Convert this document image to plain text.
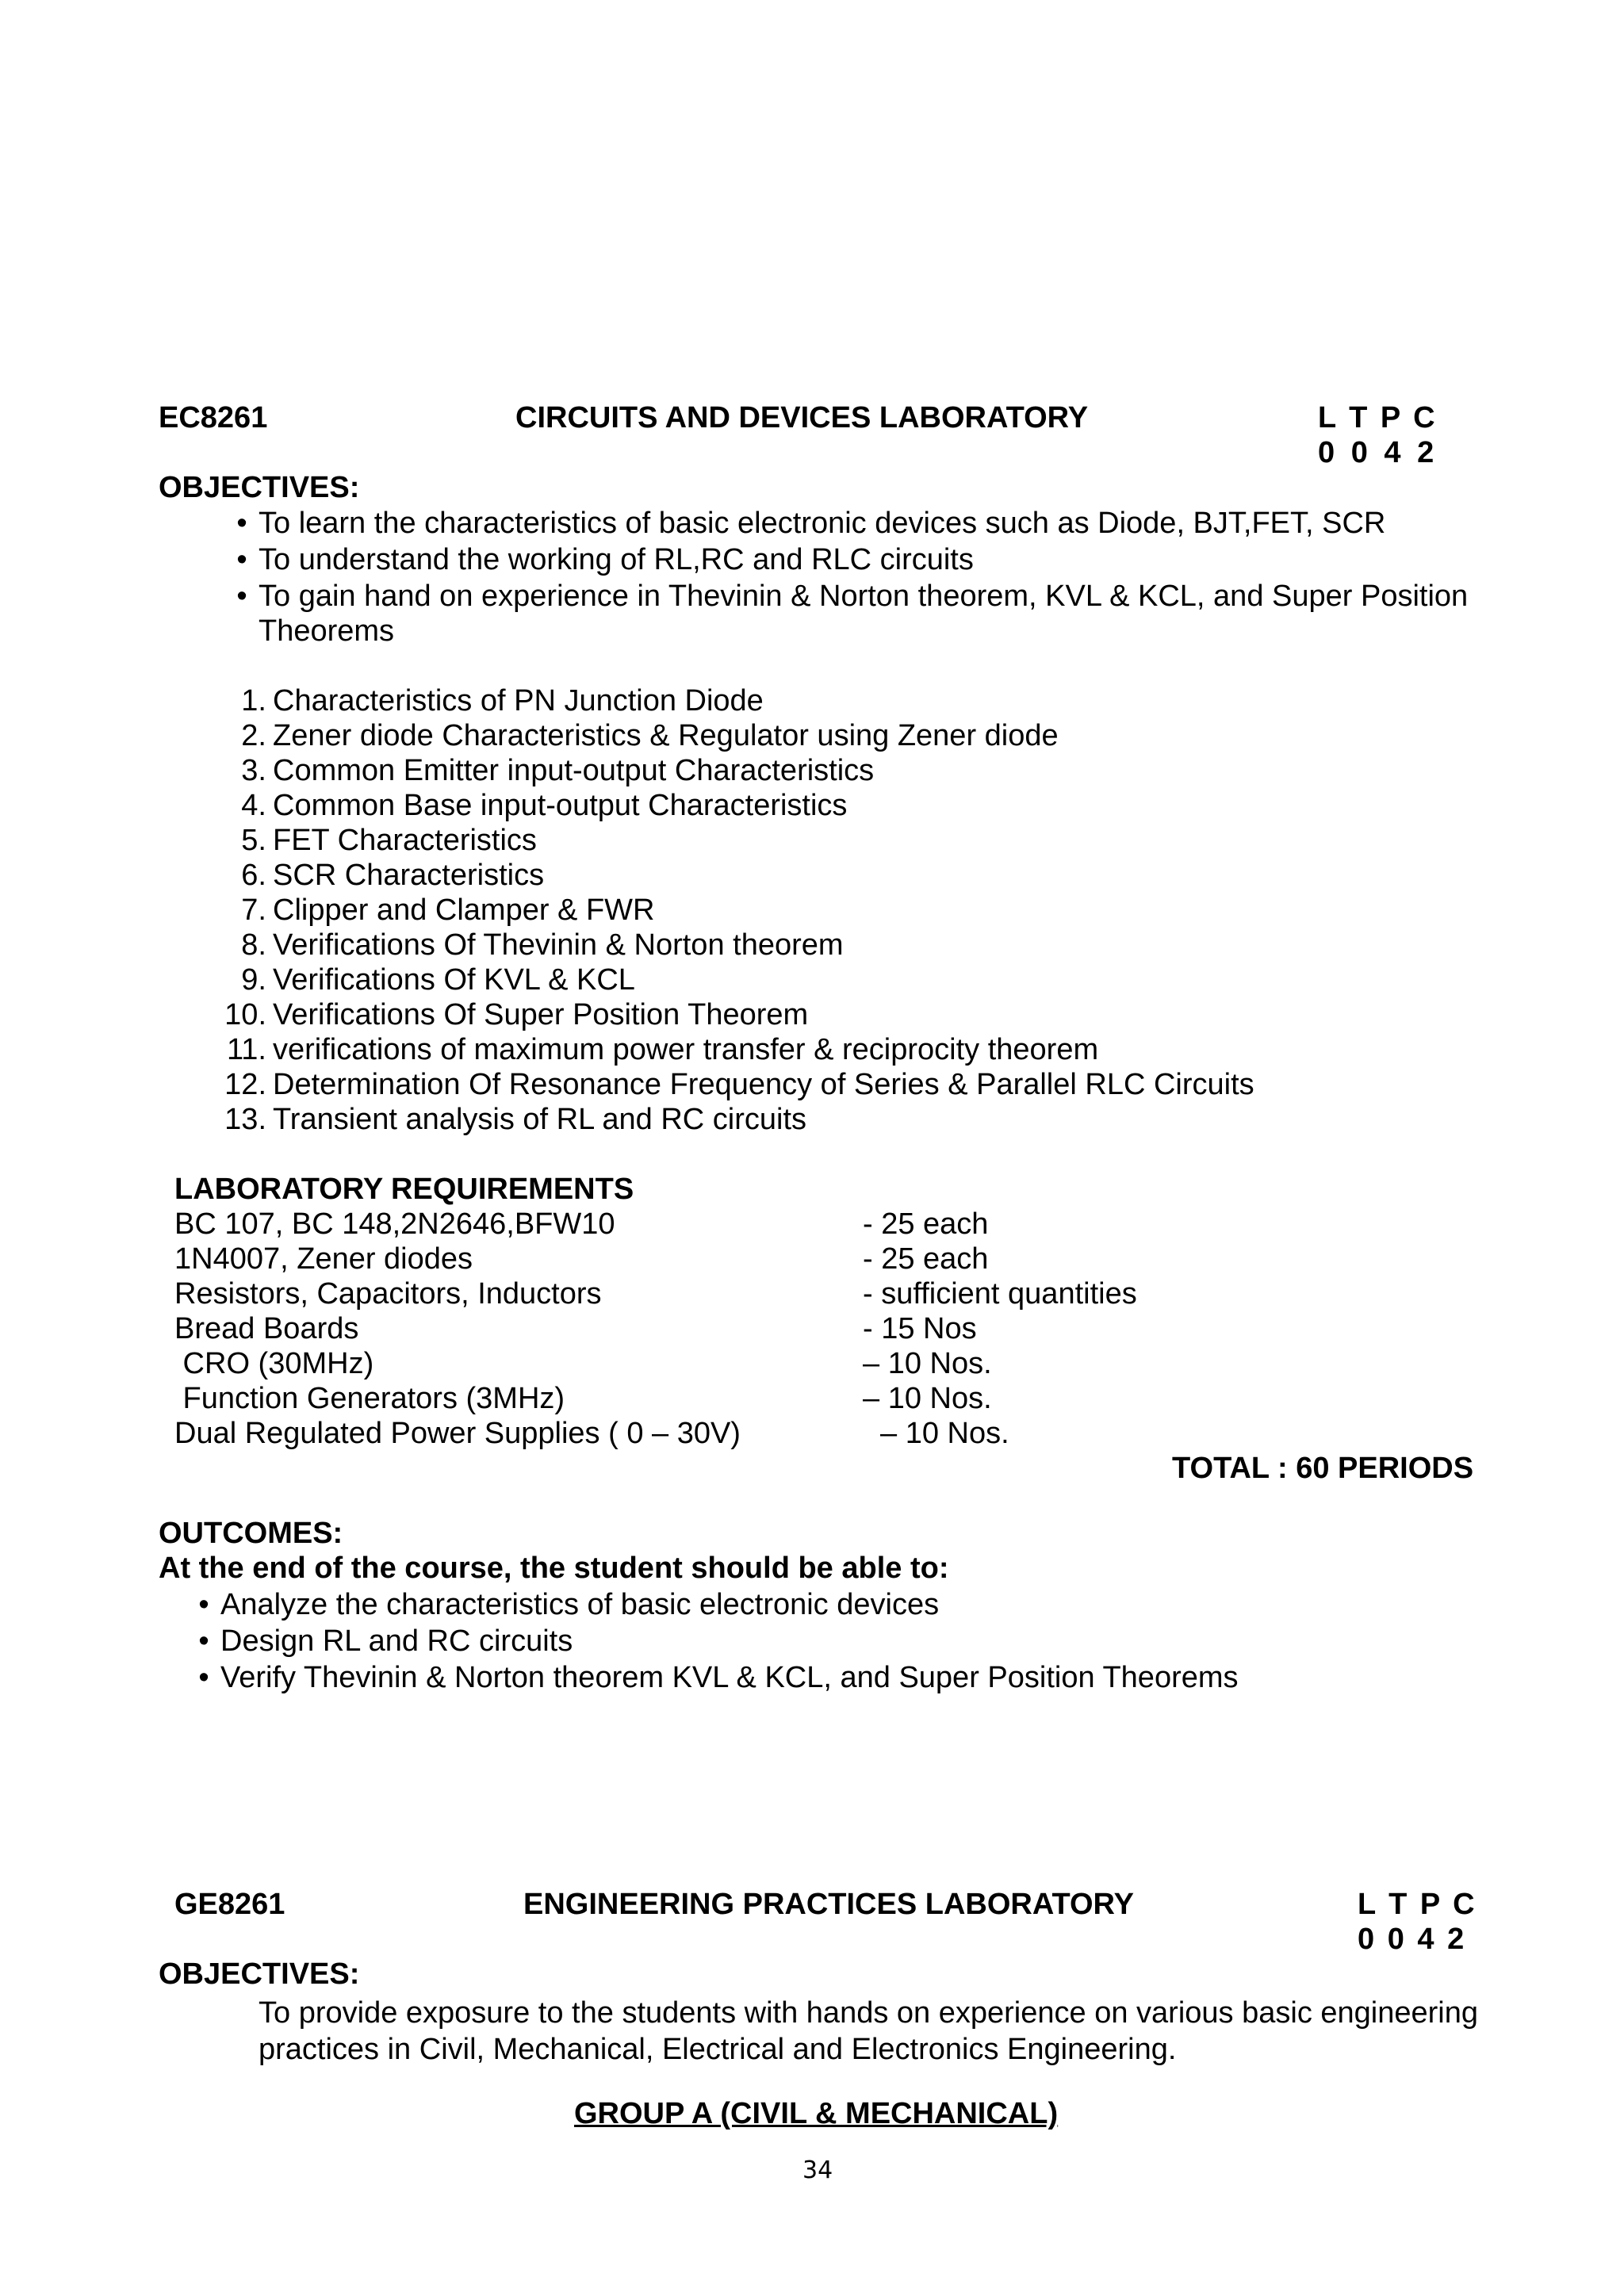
EC8261	CIRCUITS AND DEVICES LABORATORY	L T P C
0 0 4 2
OBJECTIVES:
• To learn the characteristics of basic electronic devices such as Diode, BJT,FET, SCR
• To understand the working of RL,RC and RLC circuits
• To gain hand on experience in Thevinin & Norton theorem, KVL & KCL, and Super Position
Theorems
1. Characteristics of PN Junction Diode
2. Zener diode Characteristics & Regulator using Zener diode
3. Common Emitter input-output Characteristics
4. Common Base input-output Characteristics
5. FET Characteristics
6. SCR Characteristics
7. Clipper and Clamper & FWR
8. Verifications Of Thevinin & Norton theorem
9. Verifications Of KVL & KCL
10. Verifications Of Super Position Theorem
11. verifications of maximum power transfer & reciprocity theorem
12. Determination Of Resonance Frequency of Series & Parallel RLC Circuits
13. Transient analysis of RL and RC circuits
LABORATORY REQUIREMENTS
BC 107, BC 148,2N2646,BFW10	- 25 each
1N4007, Zener diodes	- 25 each
Resistors, Capacitors, Inductors	- sufficient quantities
Bread Boards	- 15 Nos
CRO (30MHz)	– 10 Nos.
Function Generators (3MHz)	– 10 Nos.
Dual Regulated Power Supplies ( 0 – 30V)	– 10 Nos.
TOTAL : 60 PERIODS
OUTCOMES:
At the end of the course, the student should be able to:
• Analyze the characteristics of basic electronic devices
• Design RL and RC circuits
• Verify Thevinin & Norton theorem KVL & KCL, and Super Position Theorems
GE8261	ENGINEERING PRACTICES LABORATORY	L T P C
0 0 4 2
OBJECTIVES:
To provide exposure to the students with hands on experience on various basic engineering practices in Civil, Mechanical, Electrical and Electronics Engineering.
GROUP A (CIVIL & MECHANICAL)
34
